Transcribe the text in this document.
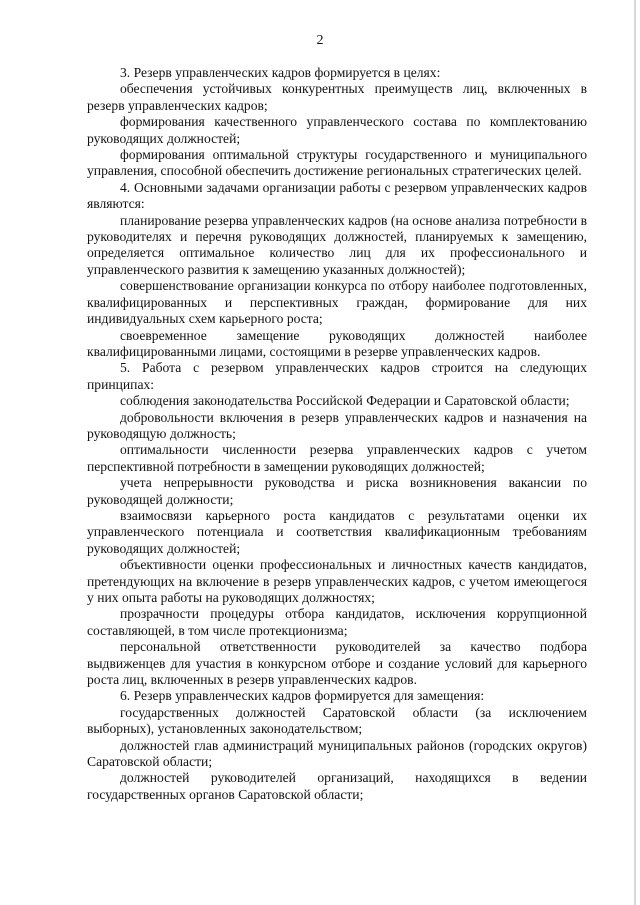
2

3. Резерв управленческих кадров формируется в целях:

обеспечения устойчивых конкурентных преимуществ лиц, включенных в резерв управленческих кадров;

формирования качественного управленческого состава по комплектованию руководящих должностей;

формирования оптимальной структуры государственного и муниципального управления, способной обеспечить достижение региональных стратегических целей.

4. Основными задачами организации работы с резервом управленческих кадров являются:

планирование резерва управленческих кадров (на основе анализа потребности в руководителях и перечня руководящих должностей, планируемых к замещению, определяется оптимальное количество лиц для их профессионального и управленческого развития к замещению указанных должностей);

совершенствование организации конкурса по отбору наиболее подготовленных, квалифицированных и перспективных граждан, формирование для них индивидуальных схем карьерного роста;

своевременное замещение руководящих должностей наиболее квалифицированными лицами, состоящими в резерве управленческих кадров.

5. Работа с резервом управленческих кадров строится на следующих принципах:

соблюдения законодательства Российской Федерации и Саратовской области;

добровольности включения в резерв управленческих кадров и назначения на руководящую должность;

оптимальности численности резерва управленческих кадров с учетом перспективной потребности в замещении руководящих должностей;

учета непрерывности руководства и риска возникновения вакансии по руководящей должности;

взаимосвязи карьерного роста кандидатов с результатами оценки их управленческого потенциала и соответствия квалификационным требованиям руководящих должностей;

объективности оценки профессиональных и личностных качеств кандидатов, претендующих на включение в резерв управленческих кадров, с учетом имеющегося у них опыта работы на руководящих должностях;

прозрачности процедуры отбора кандидатов, исключения коррупционной составляющей, в том числе протекционизма;

персональной ответственности руководителей за качество подбора выдвиженцев для участия в конкурсном отборе и создание условий для карьерного роста лиц, включенных в резерв управленческих кадров.

6. Резерв управленческих кадров формируется для замещения:

государственных должностей Саратовской области (за исключением выборных), установленных законодательством;

должностей глав администраций муниципальных районов (городских округов) Саратовской области;

должностей руководителей организаций, находящихся в ведении государственных органов Саратовской области;
